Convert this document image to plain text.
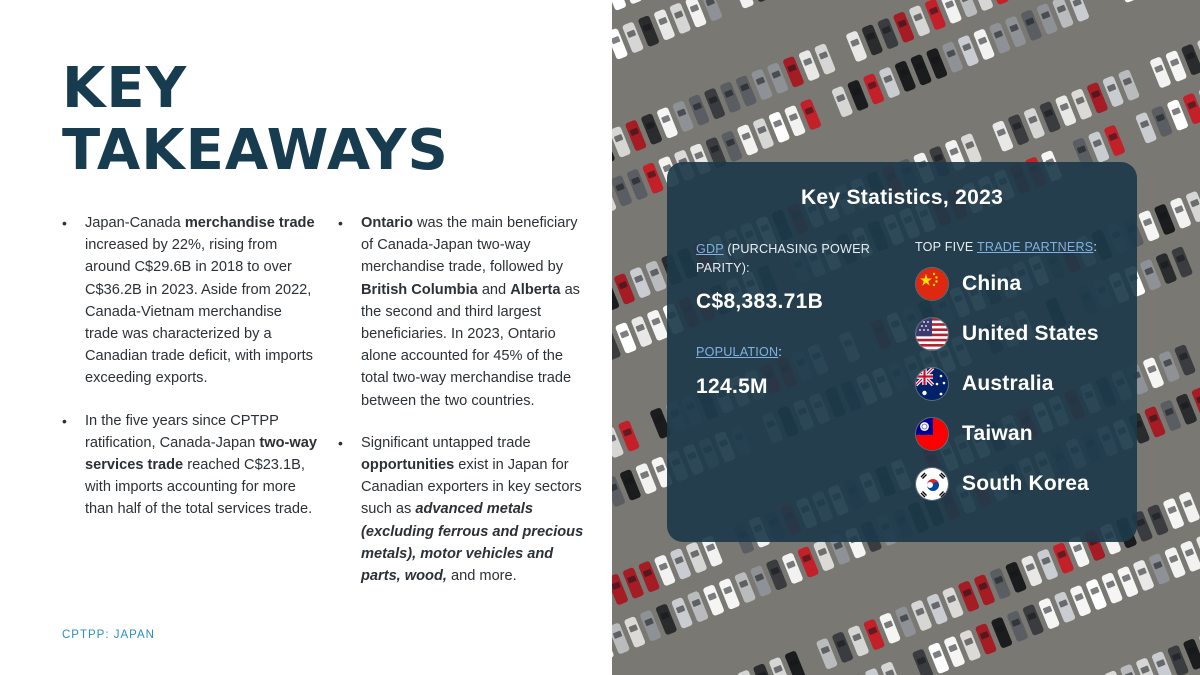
KEY
TAKEAWAYS
• Japan-Canada merchandise trade increased by 22%, rising from around C$29.6B in 2018 to over C$36.2B in 2023. Aside from 2022, Canada-Vietnam merchandise trade was characterized by a Canadian trade deficit, with imports exceeding exports.

• In the five years since CPTPP ratification, Canada-Japan two-way services trade reached C$23.1B, with imports accounting for more than half of the total services trade.

• Ontario was the main beneficiary of Canada-Japan two-way merchandise trade, followed by British Columbia and Alberta as the second and third largest beneficiaries. In 2023, Ontario alone accounted for 45% of the total two-way merchandise trade between the two countries.

• Significant untapped trade opportunities exist in Japan for Canadian exporters in key sectors such as advanced metals (excluding ferrous and precious metals), motor vehicles and parts, wood, and more.

CPTPP: JAPAN
Key Statistics, 2023
GDP (PURCHASING POWER PARITY):
C$8,383.71B
POPULATION:
124.5M
TOP FIVE TRADE PARTNERS:
China
United States
Australia
Taiwan
South Korea
